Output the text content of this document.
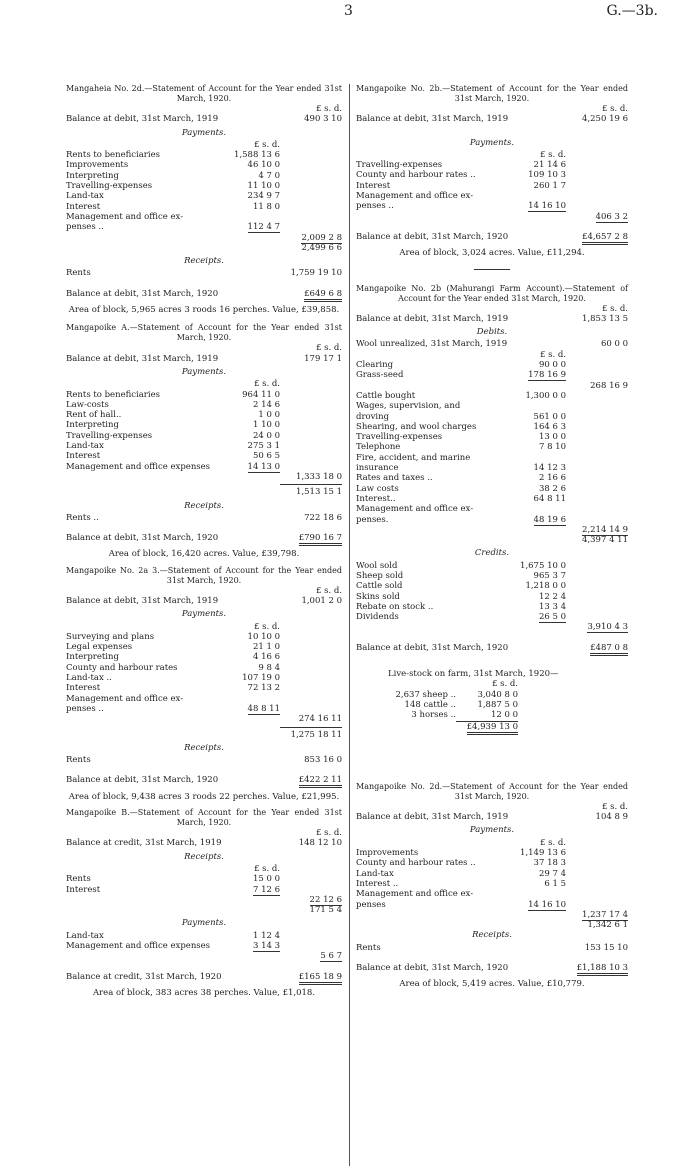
3	G.—3b.
Mangaheia No. 2d.—Statement of Account for the Year ended 31st March, 1920.
£ s. d.
Balance at debit, 31st March, 1919	490 3 10
Payments.
£ s. d.
Rents to beneficiaries	1,588 13 6
Improvements	46 10 0
Interpreting	4 7 0
Travelling-expenses	11 10 0
Land-tax	234 9 7
Interest	11 8 0
Management and office ex-
penses ..	112 4 7
2,009 2 8
2,499 6 6
Receipts.
Rents	1,759 19 10
Balance at debit, 31st March, 1920	£649 6 8
Area of block, 5,965 acres 3 roods 16 perches. Value, £39,858.
Mangapoike A.—Statement of Account for the Year ended 31st March, 1920.
£ s. d.
Balance at debit, 31st March, 1919	179 17 1
Payments.
£ s. d.
Rents to beneficiaries	964 11 0
Law-costs	2 14 6
Rent of hall..	1 0 0
Interpreting	1 10 0
Travelling-expenses	24 0 0
Land-tax	275 3 1
Interest	50 6 5
Management and office expenses	14 13 0
1,333 18 0
1,513 15 1
Receipts.
Rents ..	722 18 6
Balance at debit, 31st March, 1920	£790 16 7
Area of block, 16,420 acres. Value, £39,798.
Mangapoike No. 2a 3.—Statement of Account for the Year ended 31st March, 1920.
£ s. d.
Balance at debit, 31st March, 1919	1,001 2 0
Payments.
£ s. d.
Surveying and plans	10 10 0
Legal expenses	21 1 0
Interpreting	4 16 6
County and harbour rates	9 8 4
Land-tax ..	107 19 0
Interest	72 13 2
Management and office ex-
penses ..	48 8 11
274 16 11
1,275 18 11
Receipts.
Rents	853 16 0
Balance at debit, 31st March, 1920	£422 2 11
Area of block, 9,438 acres 3 roods 22 perches. Value, £21,995.
Mangapoike B.—Statement of Account for the Year ended 31st March, 1920.
£ s. d.
Balance at credit, 31st March, 1919	148 12 10
Receipts.
£ s. d.
Rents	15 0 0
Interest	7 12 6
22 12 6
171 5 4
Payments.
Land-tax	1 12 4
Management and office expenses	3 14 3
5 6 7
Balance at credit, 31st March, 1920	£165 18 9
Area of block, 383 acres 38 perches. Value, £1,018.
Mangapoike No. 2b.—Statement of Account for the Year ended 31st March, 1920.
£ s. d.
Balance at debit, 31st March, 1919	4,250 19 6
Payments.
£ s. d.
Travelling-expenses	21 14 6
County and harbour rates ..	109 10 3
Interest	260 1 7
Management and office ex-
penses ..	14 16 10
406 3 2
Balance at debit, 31st March, 1920	£4,657 2 8
Area of block, 3,024 acres. Value, £11,294.
Mangapoike No. 2b (Mahurangi Farm Account).—Statement of Account for the Year ended 31st March, 1920.
£ s. d.
Balance at debit, 31st March, 1919	1,853 13 5
Debits.
Wool unrealized, 31st March, 1919	60 0 0
£ s. d.
Clearing	90 0 0
Grass-seed	178 16 9
268 16 9
Cattle bought	1,300 0 0
Wages, supervision, and
droving	561 0 0
Shearing, and wool charges	164 6 3
Travelling-expenses	13 0 0
Telephone	7 8 10
Fire, accident, and marine
insurance	14 12 3
Rates and taxes ..	2 16 6
Law costs	38 2 6
Interest..	64 8 11
Management and office ex-
penses.	48 19 6
2,214 14 9
4,397 4 11
Credits.
Wool sold	1,675 10 0
Sheep sold	965 3 7
Cattle sold	1,218 0 0
Skins sold	12 2 4
Rebate on stock ..	13 3 4
Dividends	26 5 0
3,910 4 3
Balance at debit, 31st March, 1920	£487 0 8
Live-stock on farm, 31st March, 1920—
£ s. d.
2,637 sheep ..	3,040 8 0
148 cattle ..	1,887 5 0
3 horses ..	12 0 0
£4,939 13 0
Mangapoike No. 2d.—Statement of Account for the Year ended 31st March, 1920.
£ s. d.
Balance at debit, 31st March, 1919	104 8 9
Payments.
£ s. d.
Improvements	1,149 13 6
County and harbour rates ..	37 18 3
Land-tax	29 7 4
Interest ..	6 1 5
Management and office ex-
penses	14 16 10
1,237 17 4
1,342 6 1
Receipts.
Rents	153 15 10
Balance at debit, 31st March, 1920	£1,188 10 3
Area of block, 5,419 acres. Value, £10,779.
